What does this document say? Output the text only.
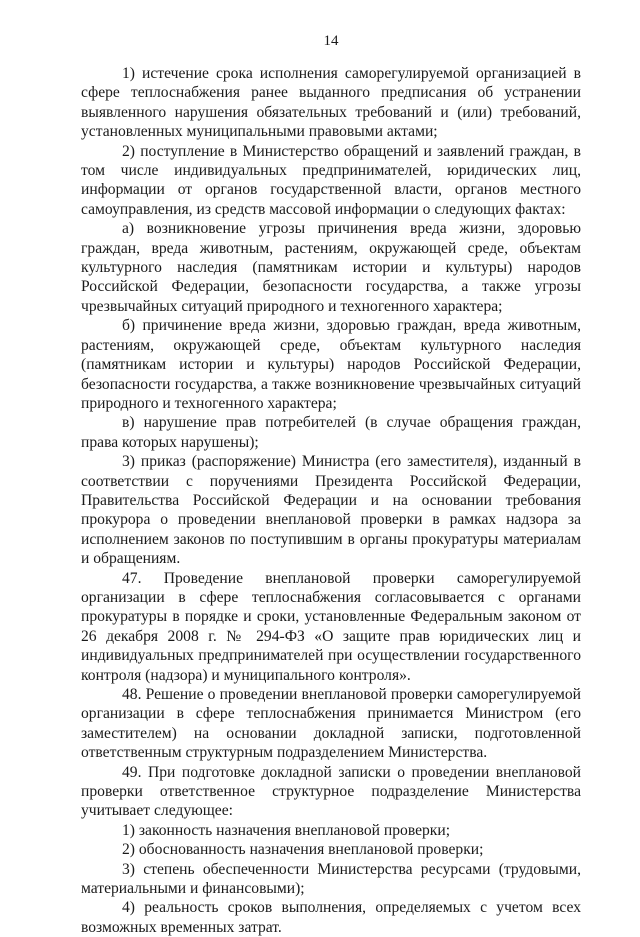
14

1) истечение срока исполнения саморегулируемой организацией в сфере теплоснабжения ранее выданного предписания об устранении выявленного нарушения обязательных требований и (или) требований, установленных муниципальными правовыми актами;

2) поступление в Министерство обращений и заявлений граждан, в том числе индивидуальных предпринимателей, юридических лиц, информации от органов государственной власти, органов местного самоуправления, из средств массовой информации о следующих фактах:

а) возникновение угрозы причинения вреда жизни, здоровью граждан, вреда животным, растениям, окружающей среде, объектам культурного наследия (памятникам истории и культуры) народов Российской Федерации, безопасности государства, а также угрозы чрезвычайных ситуаций природного и техногенного характера;

б) причинение вреда жизни, здоровью граждан, вреда животным, растениям, окружающей среде, объектам культурного наследия (памятникам истории и культуры) народов Российской Федерации, безопасности государства, а также возникновение чрезвычайных ситуаций природного и техногенного характера;

в) нарушение прав потребителей (в случае обращения граждан, права которых нарушены);

3) приказ (распоряжение) Министра (его заместителя), изданный в соответствии с поручениями Президента Российской Федерации, Правительства Российской Федерации и на основании требования прокурора о проведении внеплановой проверки в рамках надзора за исполнением законов по поступившим в органы прокуратуры материалам и обращениям.

47. Проведение внеплановой проверки саморегулируемой организации в сфере теплоснабжения согласовывается с органами прокуратуры в порядке и сроки, установленные Федеральным законом от 26 декабря 2008 г. № 294-ФЗ «О защите прав юридических лиц и индивидуальных предпринимателей при осуществлении государственного контроля (надзора) и муниципального контроля».

48. Решение о проведении внеплановой проверки саморегулируемой организации в сфере теплоснабжения принимается Министром (его заместителем) на основании докладной записки, подготовленной ответственным структурным подразделением Министерства.

49. При подготовке докладной записки о проведении внеплановой проверки ответственное структурное подразделение Министерства учитывает следующее:

1) законность назначения внеплановой проверки;

2) обоснованность назначения внеплановой проверки;

3) степень обеспеченности Министерства ресурсами (трудовыми, материальными и финансовыми);

4) реальность сроков выполнения, определяемых с учетом всех возможных временных затрат.
